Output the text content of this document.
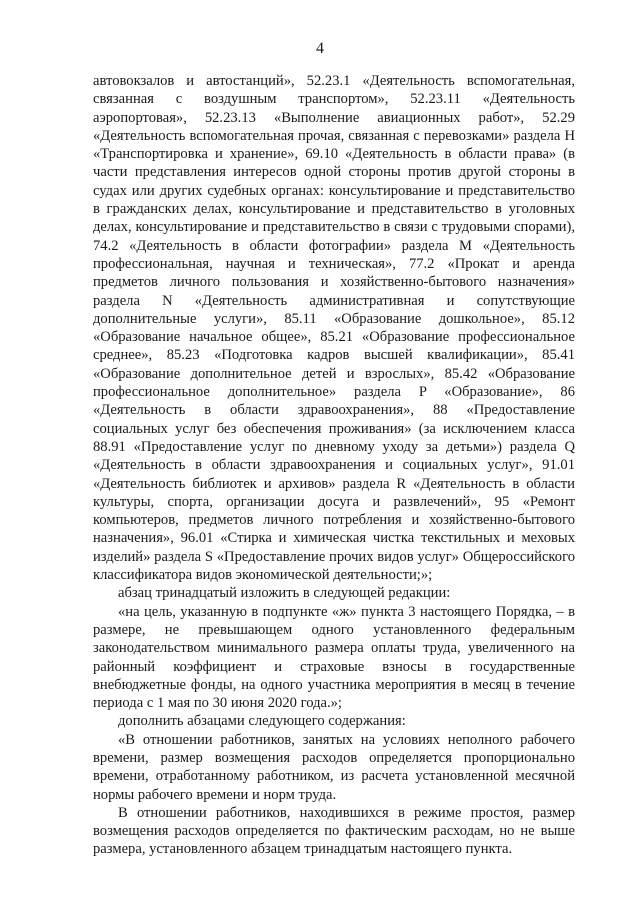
4

автовокзалов и автостанций», 52.23.1 «Деятельность вспомогательная, связанная с воздушным транспортом», 52.23.11 «Деятельность аэропортовая», 52.23.13 «Выполнение авиационных работ», 52.29 «Деятельность вспомогательная прочая, связанная с перевозками» раздела H «Транспортировка и хранение», 69.10 «Деятельность в области права» (в части представления интересов одной стороны против другой стороны в судах или других судебных органах: консультирование и представительство в гражданских делах, консультирование и представительство в уголовных делах, консультирование и представительство в связи с трудовыми спорами), 74.2 «Деятельность в области фотографии» раздела M «Деятельность профессиональная, научная и техническая», 77.2 «Прокат и аренда предметов личного пользования и хозяйственно-бытового назначения» раздела N «Деятельность административная и сопутствующие дополнительные услуги», 85.11 «Образование дошкольное», 85.12 «Образование начальное общее», 85.21 «Образование профессиональное среднее», 85.23 «Подготовка кадров высшей квалификации», 85.41 «Образование дополнительное детей и взрослых», 85.42 «Образование профессиональное дополнительное» раздела P «Образование», 86 «Деятельность в области здравоохранения», 88 «Предоставление социальных услуг без обеспечения проживания» (за исключением класса 88.91 «Предоставление услуг по дневному уходу за детьми») раздела Q «Деятельность в области здравоохранения и социальных услуг», 91.01 «Деятельность библиотек и архивов» раздела R «Деятельность в области культуры, спорта, организации досуга и развлечений», 95 «Ремонт компьютеров, предметов личного потребления и хозяйственно-бытового назначения», 96.01 «Стирка и химическая чистка текстильных и меховых изделий» раздела S «Предоставление прочих видов услуг» Общероссийского классификатора видов экономической деятельности;»;

абзац тринадцатый изложить в следующей редакции:

«на цель, указанную в подпункте «ж» пункта 3 настоящего Порядка, – в размере, не превышающем одного установленного федеральным законодательством минимального размера оплаты труда, увеличенного на районный коэффициент и страховые взносы в государственные внебюджетные фонды, на одного участника мероприятия в месяц в течение периода с 1 мая по 30 июня 2020 года.»;

дополнить абзацами следующего содержания:

«В отношении работников, занятых на условиях неполного рабочего времени, размер возмещения расходов определяется пропорционально времени, отработанному работником, из расчета установленной месячной нормы рабочего времени и норм труда.

В отношении работников, находившихся в режиме простоя, размер возмещения расходов определяется по фактическим расходам, но не выше размера, установленного абзацем тринадцатым настоящего пункта.
